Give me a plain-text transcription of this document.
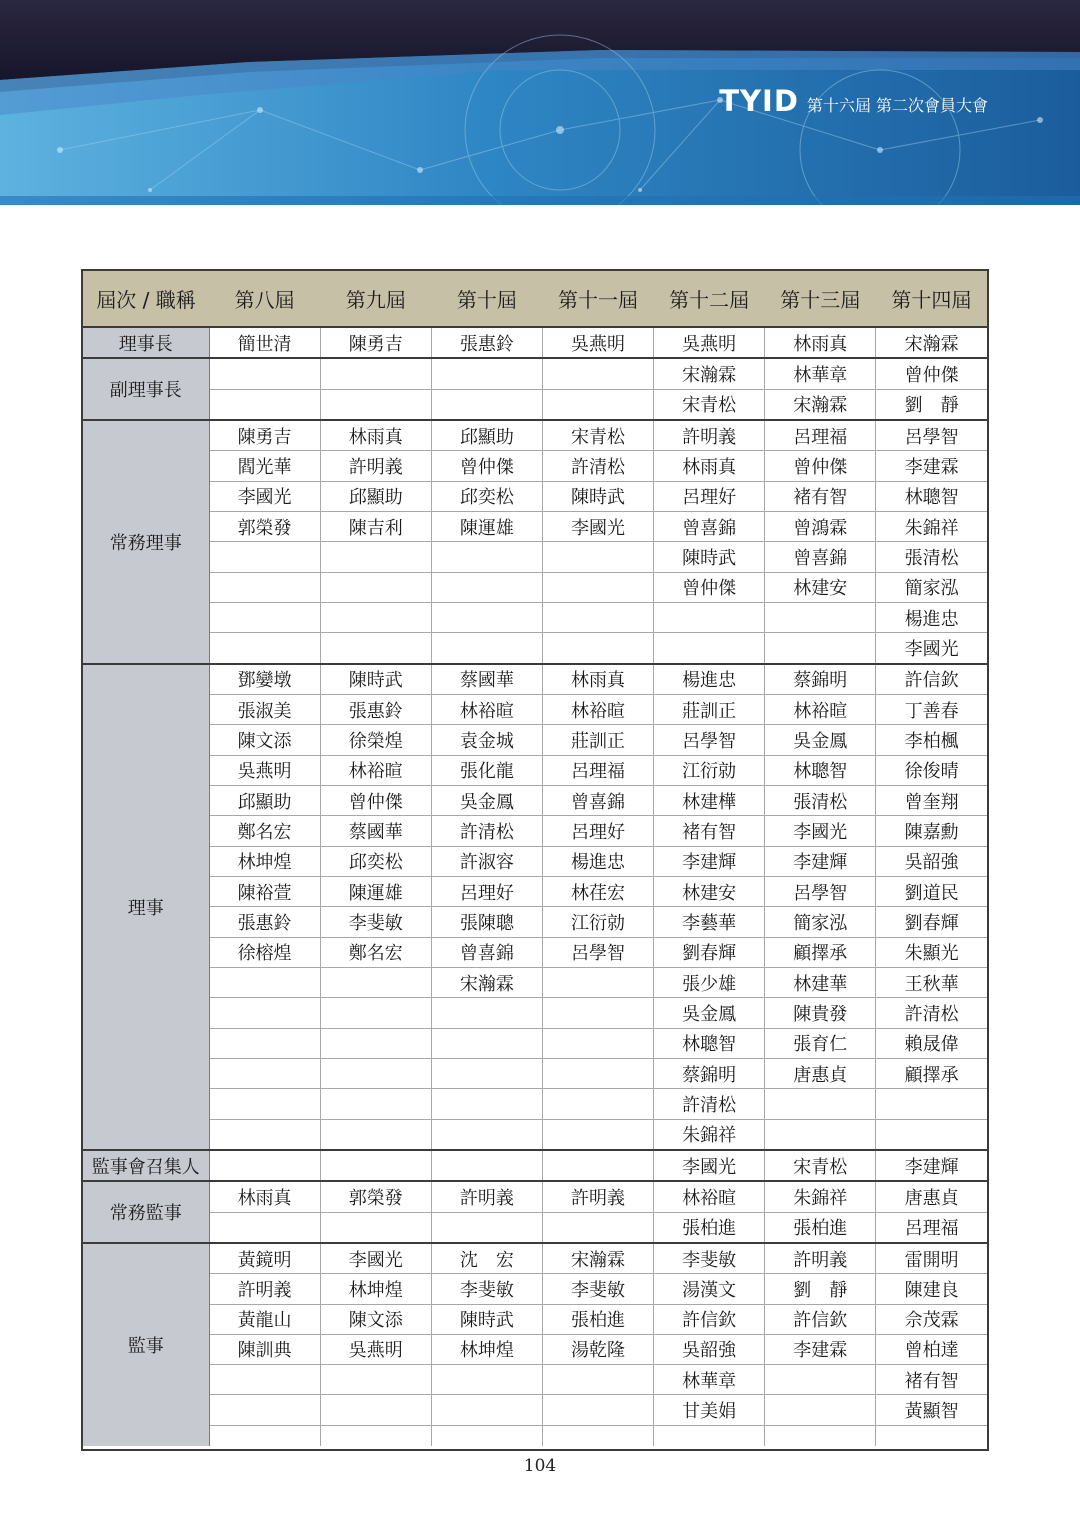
TYID 第十六屆 第二次會員大會
屆次 / 職稱	第八屆	第九屆	第十屆	第十一屆	第十二屆	第十三屆	第十四屆
理事長	簡世清	陳勇吉	張惠鈴	吳燕明	吳燕明	林雨真	宋瀚霖
副理事長					宋瀚霖	林華章	曾仲傑
					宋青松	宋瀚霖	劉　靜
常務理事	陳勇吉	林雨真	邱顯助	宋青松	許明義	呂理福	呂學智
	閻光華	許明義	曾仲傑	許清松	林雨真	曾仲傑	李建霖
	李國光	邱顯助	邱奕松	陳時武	呂理好	褚有智	林聰智
	郭榮發	陳吉利	陳運雄	李國光	曾喜錦	曾鴻霖	朱錦祥
					陳時武	曾喜錦	張清松
					曾仲傑	林建安	簡家泓
							楊進忠
							李國光
理事	鄧孌墩	陳時武	蔡國華	林雨真	楊進忠	蔡錦明	許信欽
	張淑美	張惠鈴	林裕暄	林裕暄	莊訓正	林裕暄	丁善春
	陳文添	徐榮煌	袁金城	莊訓正	呂學智	吳金鳳	李柏楓
	吳燕明	林裕暄	張化龍	呂理福	江衍勍	林聰智	徐俊晴
	邱顯助	曾仲傑	吳金鳳	曾喜錦	林建樺	張清松	曾奎翔
	鄭名宏	蔡國華	許清松	呂理好	褚有智	李國光	陳嘉勳
	林坤煌	邱奕松	許淑容	楊進忠	李建輝	李建輝	吳韶強
	陳裕萱	陳運雄	呂理好	林荏宏	林建安	呂學智	劉道民
	張惠鈴	李斐敏	張陳聰	江衍勍	李藝華	簡家泓	劉春輝
	徐榕煌	鄭名宏	曾喜錦	呂學智	劉春輝	顧擇承	朱顯光
			宋瀚霖		張少雄	林建華	王秋華
					吳金鳳	陳貴發	許清松
					林聰智	張育仁	賴晟偉
					蔡錦明	唐惠貞	顧擇承
					許清松		
					朱錦祥		
監事會召集人					李國光	宋青松	李建輝
常務監事	林雨真	郭榮發	許明義	許明義	林裕暄	朱錦祥	唐惠貞
					張柏進	張柏進	呂理福
監事	黃鏡明	李國光	沈　宏	宋瀚霖	李斐敏	許明義	雷開明
	許明義	林坤煌	李斐敏	李斐敏	湯漢文	劉　靜	陳建良
	黃龍山	陳文添	陳時武	張柏進	許信欽	許信欽	佘茂霖
	陳訓典	吳燕明	林坤煌	湯乾隆	吳韶強	李建霖	曾柏達
					林華章		褚有智
					甘美娟		黃顯智

104
